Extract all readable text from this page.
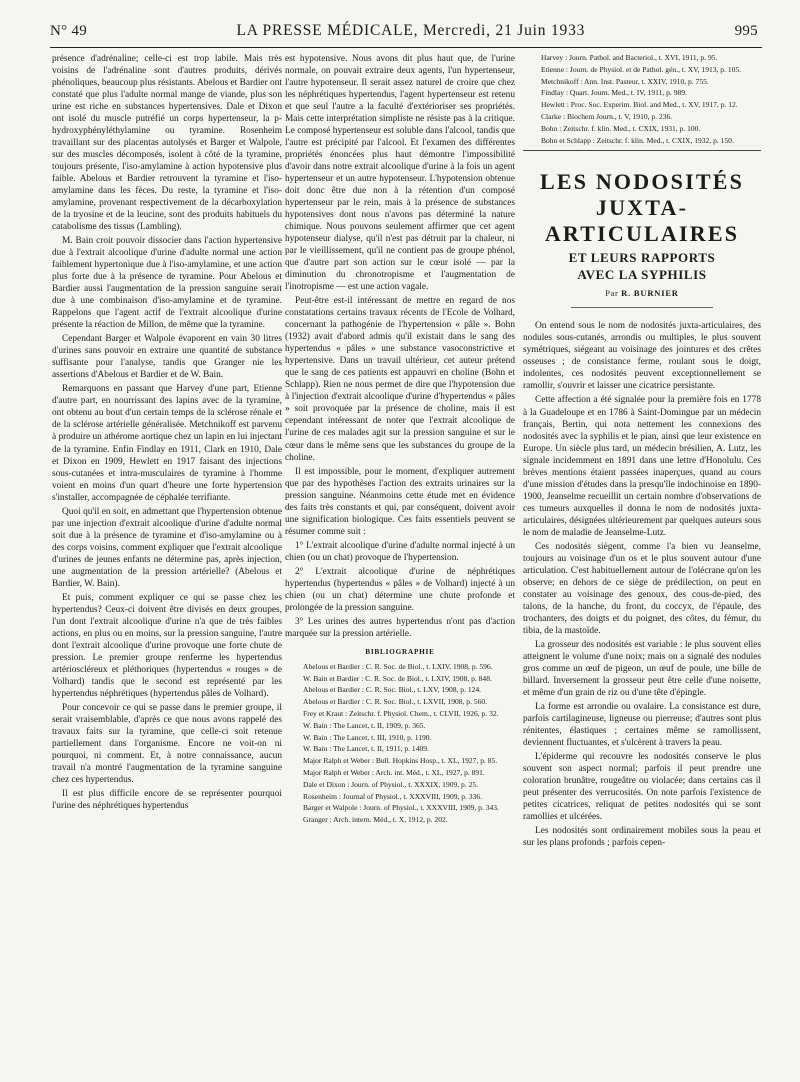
N° 49	LA PRESSE MÉDICALE, Mercredi, 21 Juin 1933	995

présence d'adrénaline; celle-ci est trop labile. Mais très voisins de l'adrénaline sont d'autres produits, dérivés phénoliques, beaucoup plus résistants. Abelous et Bardier ont constaté que plus l'adulte normal mange de viande, plus son urine est riche en substances hypertensives. Dale et Dixon ont isolé du muscle putréfié un corps hypertenseur, la p-hydroxyphényléthylamine ou tyramine. Rosenheim travaillant sur des placentas autolysés et Barger et Walpole, sur des muscles décomposés, isolent à côté de la tyramine, toujours présente, l'iso-amylamine à action hypotensive plus faible. Abelous et Bardier retrouvent la tyramine et l'iso-amylamine dans les fèces. Du reste, la tyramine et l'iso-amylamine, provenant respectivement de la décarboxylation de la tryosine et de la leucine, sont des produits habituels du catabolisme des tissus (Lambling).

M. Bain croit pouvoir dissocier dans l'action hypertensive due à l'extrait alcoolique d'urine d'adulte normal une action faiblement hypertonique due à l'iso-amylamine, et une action plus forte due à la présence de tyramine. Pour Abelous et Bardier aussi l'augmentation de la pression sanguine serait due à une combinaison d'iso-amylamine et de tyramine. Rappelons que l'agent actif de l'extrait alcoolique d'urine présente la réaction de Millon, de même que la tyramine.

Cependant Barger et Walpole évaporent en vain 30 litres d'urines sans pouvoir en extraire une quantité de substance suffisante pour l'analyse, tandis que Granger nie les assertions d'Abelous et Bardier et de W. Bain.

Remarquons en passant que Harvey d'une part, Etienne d'autre part, en nourrissant des lapins avec de la tyramine, ont obtenu au bout d'un certain temps de la sclérose rénale et de la sclérose artérielle généralisée. Metchnikoff est parvenu à produire un athérome aortique chez un lapin en lui injectant de la tyramine. Enfin Findlay en 1911, Clark en 1910, Dale et Dixon en 1909, Hewlett en 1917 faisant des injections sous-cutanées et intra-musculaires de tyramine à l'homme voient en moins d'un quart d'heure une forte hypertension s'installer, accompagnée de céphalée terrifiante.

Quoi qu'il en soit, en admettant que l'hypertension obtenue par une injection d'extrait alcoolique d'urine d'adulte normal soit due à la présence de tyramine et d'iso-amylamine ou à des corps voisins, comment expliquer que l'extrait alcoolique d'urines de jeunes enfants ne détermine pas, après injection, une augmentation de la pression artérielle? (Abelous et Bardier, W. Bain).

Et puis, comment expliquer ce qui se passe chez les hypertendus? Ceux-ci doivent être divisés en deux groupes, l'un dont l'extrait alcoolique d'urine n'a que de très faibles actions, en plus ou en moins, sur la pression sanguine, l'autre dont l'extrait alcoolique d'urine provoque une forte chute de pression. Le premier groupe renferme les hypertendus artérioscléreux et pléthoriques (hypertendus « rouges » de Volhard) tandis que le second est représenté par les hypertendus néphrétiques (hypertendus pâles de Volhard).

Pour concevoir ce qui se passe dans le premier groupe, il serait vraisemblable, d'après ce que nous avons rappelé des travaux faits sur la tyramine, que celle-ci soit retenue partiellement dans l'organisme. Encore ne voit-on ni pourquoi, ni comment. Et, à notre connaissance, aucun travail n'a montré l'augmentation de la tyramine sanguine chez ces hypertendus.

Il est plus difficile encore de se représenter pourquoi l'urine des néphrétiques hypertendus

est hypotensive. Nous avons dit plus haut que, de l'urine normale, on pouvait extraire deux agents, l'un hypertenseur, l'autre hypotenseur. Il serait assez naturel de croire que chez les néphrétiques hypertendus, l'agent hypertenseur est retenu et que seul l'autre a la faculté d'extérioriser ses propriétés. Mais cette interprétation simpliste ne résiste pas à la critique. Le composé hypertenseur est soluble dans l'alcool, tandis que l'autre est précipité par l'alcool. Et l'examen des différentes propriétés énoncées plus haut démontre l'impossibilité d'avoir dans notre extrait alcoolique d'urine à la fois un agent hypertenseur et un autre hypotenseur. L'hypotension obtenue doit donc être due non à la rétention d'un composé hypertenseur par le rein, mais à la présence de substances hypotensives dont nous n'avons pas déterminé la nature chimique. Nous pouvons seulement affirmer que cet agent hypotenseur dialyse, qu'il n'est pas détruit par la chaleur, ni par le vieillissement, qu'il ne contient pas de groupe phénol, que d'autre part son action sur le cœur isolé — par la diminution du chronotropisme et l'augmentation de l'inotropisme — est une action vagale.

Peut-être est-il intéressant de mettre en regard de nos constatations certains travaux récents de l'Ecole de Volhard, concernant la pathogénie de l'hypertension « pâle ». Bohn (1932) avait d'abord admis qu'il existait dans le sang des hypertendus « pâles » une substance vasoconstrictive et hypertensive. Dans un travail ultérieur, cet auteur prétend que le sang de ces patients est appauvri en choline (Bohn et Schlapp). Rien ne nous permet de dire que l'hypotension due à l'injection d'extrait alcoolique d'urine d'hypertendus « pâles » soit provoquée par la présence de choline, mais il est cependant intéressant de noter que l'extrait alcoolique de l'urine de ces malades agit sur la pression sanguine et sur le cœur dans le même sens que les substances du groupe de la choline.

Il est impossible, pour le moment, d'expliquer autrement que par des hypothèses l'action des extraits urinaires sur la pression sanguine. Néanmoins cette étude met en évidence des faits très constants et qui, par conséquent, doivent avoir une signification biologique. Ces faits essentiels peuvent se résumer comme suit :

1° L'extrait alcoolique d'urine d'adulte normal injecté à un chien (ou un chat) provoque de l'hypertension.

2° L'extrait alcoolique d'urine de néphrétiques hypertendus (hypertendus « pâles » de Volhard) injecté à un chien (ou un chat) détermine une chute profonde et prolongée de la pression sanguine.

3° Les urines des autres hypertendus n'ont pas d'action marquée sur la pression artérielle.

BIBLIOGRAPHIE

Abelous et Bardier : C. R. Soc. de Biol., t. LXIV, 1908, p. 596.

W. Bain et Bardier : C. R. Soc. de Biol., t. LXIV, 1908, p. 848.

Abelous et Bardier : C. R. Soc. Biol., t. LXV, 1908, p. 124.

Abelous et Bardier : C. R. Soc. Biol., t. LXVII, 1908, p. 560.

Frey et Kraut : Zeitschr. f. Physiol. Chem., t. CLVII, 1926, p. 32.

W. Bain : The Lancet, t. II, 1909, p. 365.

W. Bain : The Lancet, t. III, 1910, p. 1190.

W. Bain : The Lancet, t. II, 1911, p. 1409.

Major Ralph et Weber : Bull. Hopkins Hosp., t. XL, 1927, p. 85.

Major Ralph et Weber : Arch. int. Méd., t. XL, 1927, p. 891.

Dale et Dixon : Journ. of Physiol., t. XXXIX, 1909, p. 25.

Rosenheim : Journal of Physiol., t. XXXVIII, 1909, p. 336.

Barger et Walpole : Journ. of Physiol., t. XXXVIII, 1909, p. 343.

Granger : Arch. intern. Méd., t. X, 1912, p. 202.

Harvey : Journ. Pathol. and Bacteriol., t. XVI, 1911, p. 95.

Etienne : Journ. de Physiol. et de Pathol. gén., t. XV, 1913, p. 105.

Metchnikoff : Ann. Inst. Pasteur, t. XXIV, 1910, p. 755.

Findlay : Quart. Journ. Med., t. IV, 1911, p. 989.

Hewlett : Proc. Soc. Experim. Biol. and Med., t. XV, 1917, p. 12.

Clarke : Biochem Journ., t. V, 1910, p. 236.

Bohn : Zeitschr. f. klin. Med., t. CXIX, 1931, p. 100.

Bohn et Schlapp : Zeitschr. f. klin. Med., t. CXIX, 1932, p. 150.

LES NODOSITÉS
JUXTA-ARTICULAIRES
ET LEURS RAPPORTS
AVEC LA SYPHILIS
Par R. BURNIER

On entend sous le nom de nodosités juxta-articulaires, des nodules sous-cutanés, arrondis ou multiples, le plus souvent symétriques, siégeant au voisinage des jointures et des crêtes osseuses ; de consistance ferme, roulant sous le doigt, indolentes, ces nodosités peuvent exceptionnellement se ramollir, s'ouvrir et laisser une cicatrice persistante.

Cette affection a été signalée pour la première fois en 1778 à la Guadeloupe et en 1786 à Saint-Domingue par un médecin français, Bertin, qui nota nettement les connexions des nodosités avec la syphilis et le pian, ainsi que leur existence en Europe. Un siècle plus tard, un médecin brésilien, A. Lutz, les signale incidemment en 1891 dans une lettre d'Honolulu. Ces brèves mentions étaient passées inaperçues, quand au cours d'une mission d'études dans la presqu'île indochinoise en 1890-1900, Jeanselme recueillit un certain nombre d'observations de ces tumeurs auxquelles il donna le nom de nodosités juxta-articulaires, désignées ultérieurement par quelques auteurs sous le nom de maladie de Jeanselme-Lutz.

Ces nodosités siègent, comme l'a bien vu Jeanselme, toujours au voisinage d'un os et le plus souvent autour d'une articulation. C'est habituellement autour de l'olécrane qu'on les observe; en dehors de ce siège de prédilection, on peut en constater au voisinage des genoux, des cous-de-pied, des talons, de la hanche, du front, du coccyx, de l'épaule, des trochanters, des doigts et du poignet, des côtes, du fémur, du tibia, de la mastoïde.

La grosseur des nodosités est variable : le plus souvent elles atteignent le volume d'une noix; mais on a signalé des nodules gros comme un œuf de pigeon, un œuf de poule, une bille de billard. Inversement la grosseur peut être celle d'une noisette, et même d'un grain de riz ou d'une tête d'épingle.

La forme est arrondie ou ovalaire. La consistance est dure, parfois cartilagineuse, ligneuse ou pierreuse; d'autres sont plus rénitentes, élastiques ; certaines même se ramollissent, deviennent fluctuantes, et s'ulcèrent à travers la peau.

L'épiderme qui recouvre les nodosités conserve le plus souvent son aspect normal; parfois il peut prendre une coloration brunâtre, rougeâtre ou violacée; dans certains cas il peut présenter des verrucosités. On note parfois l'existence de petites cicatrices, reliquat de petites nodosités qui se sont ramollies et ulcérées.

Les nodosités sont ordinairement mobiles sous la peau et sur les plans profonds ; parfois cepen-
